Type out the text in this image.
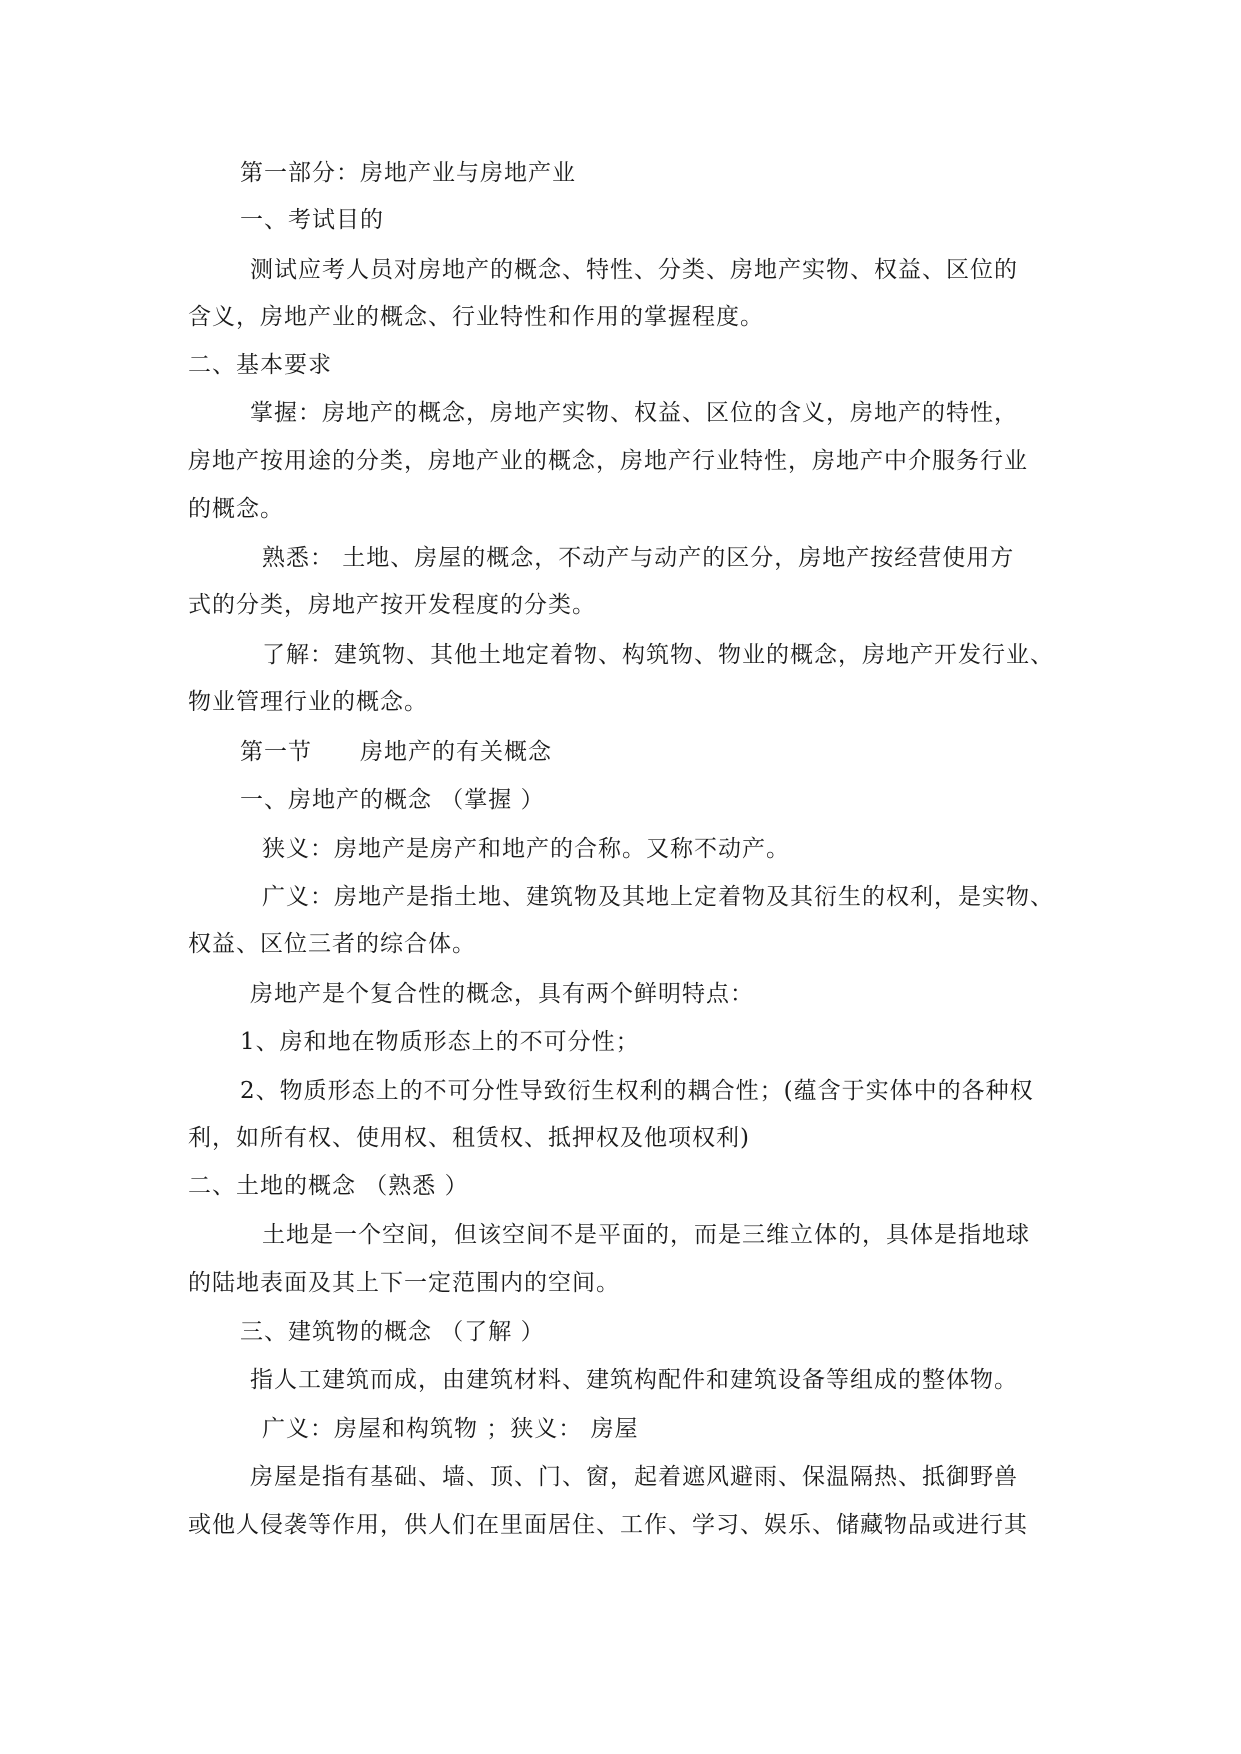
第一部分：房地产业与房地产业

一、考试目的

测试应考人员对房地产的概念、特性、分类、房地产实物、权益、区位的

含义，房地产业的概念、行业特性和作用的掌握程度。

二、基本要求

掌握：房地产的概念，房地产实物、权益、区位的含义，房地产的特性，

房地产按用途的分类，房地产业的概念，房地产行业特性，房地产中介服务行业

的概念。

熟悉： 土地、房屋的概念，不动产与动产的区分，房地产按经营使用方

式的分类，房地产按开发程度的分类。

了解：建筑物、其他土地定着物、构筑物、物业的概念，房地产开发行业、

物业管理行业的概念。

第一节　　房地产的有关概念

一、房地产的概念 （掌握 ）

狭义：房地产是房产和地产的合称。又称不动产。

广义：房地产是指土地、建筑物及其地上定着物及其衍生的权利，是实物、

权益、区位三者的综合体。

房地产是个复合性的概念，具有两个鲜明特点：

1、房和地在物质形态上的不可分性；

2、物质形态上的不可分性导致衍生权利的耦合性；(蕴含于实体中的各种权

利，如所有权、使用权、租赁权、抵押权及他项权利)

二、土地的概念 （熟悉 ）

土地是一个空间，但该空间不是平面的，而是三维立体的，具体是指地球

的陆地表面及其上下一定范围内的空间。

三、建筑物的概念 （了解 ）

指人工建筑而成，由建筑材料、建筑构配件和建筑设备等组成的整体物。

广义：房屋和构筑物 ；狭义： 房屋

房屋是指有基础、墙、顶、门、窗，起着遮风避雨、保温隔热、抵御野兽

或他人侵袭等作用，供人们在里面居住、工作、学习、娱乐、储藏物品或进行其
